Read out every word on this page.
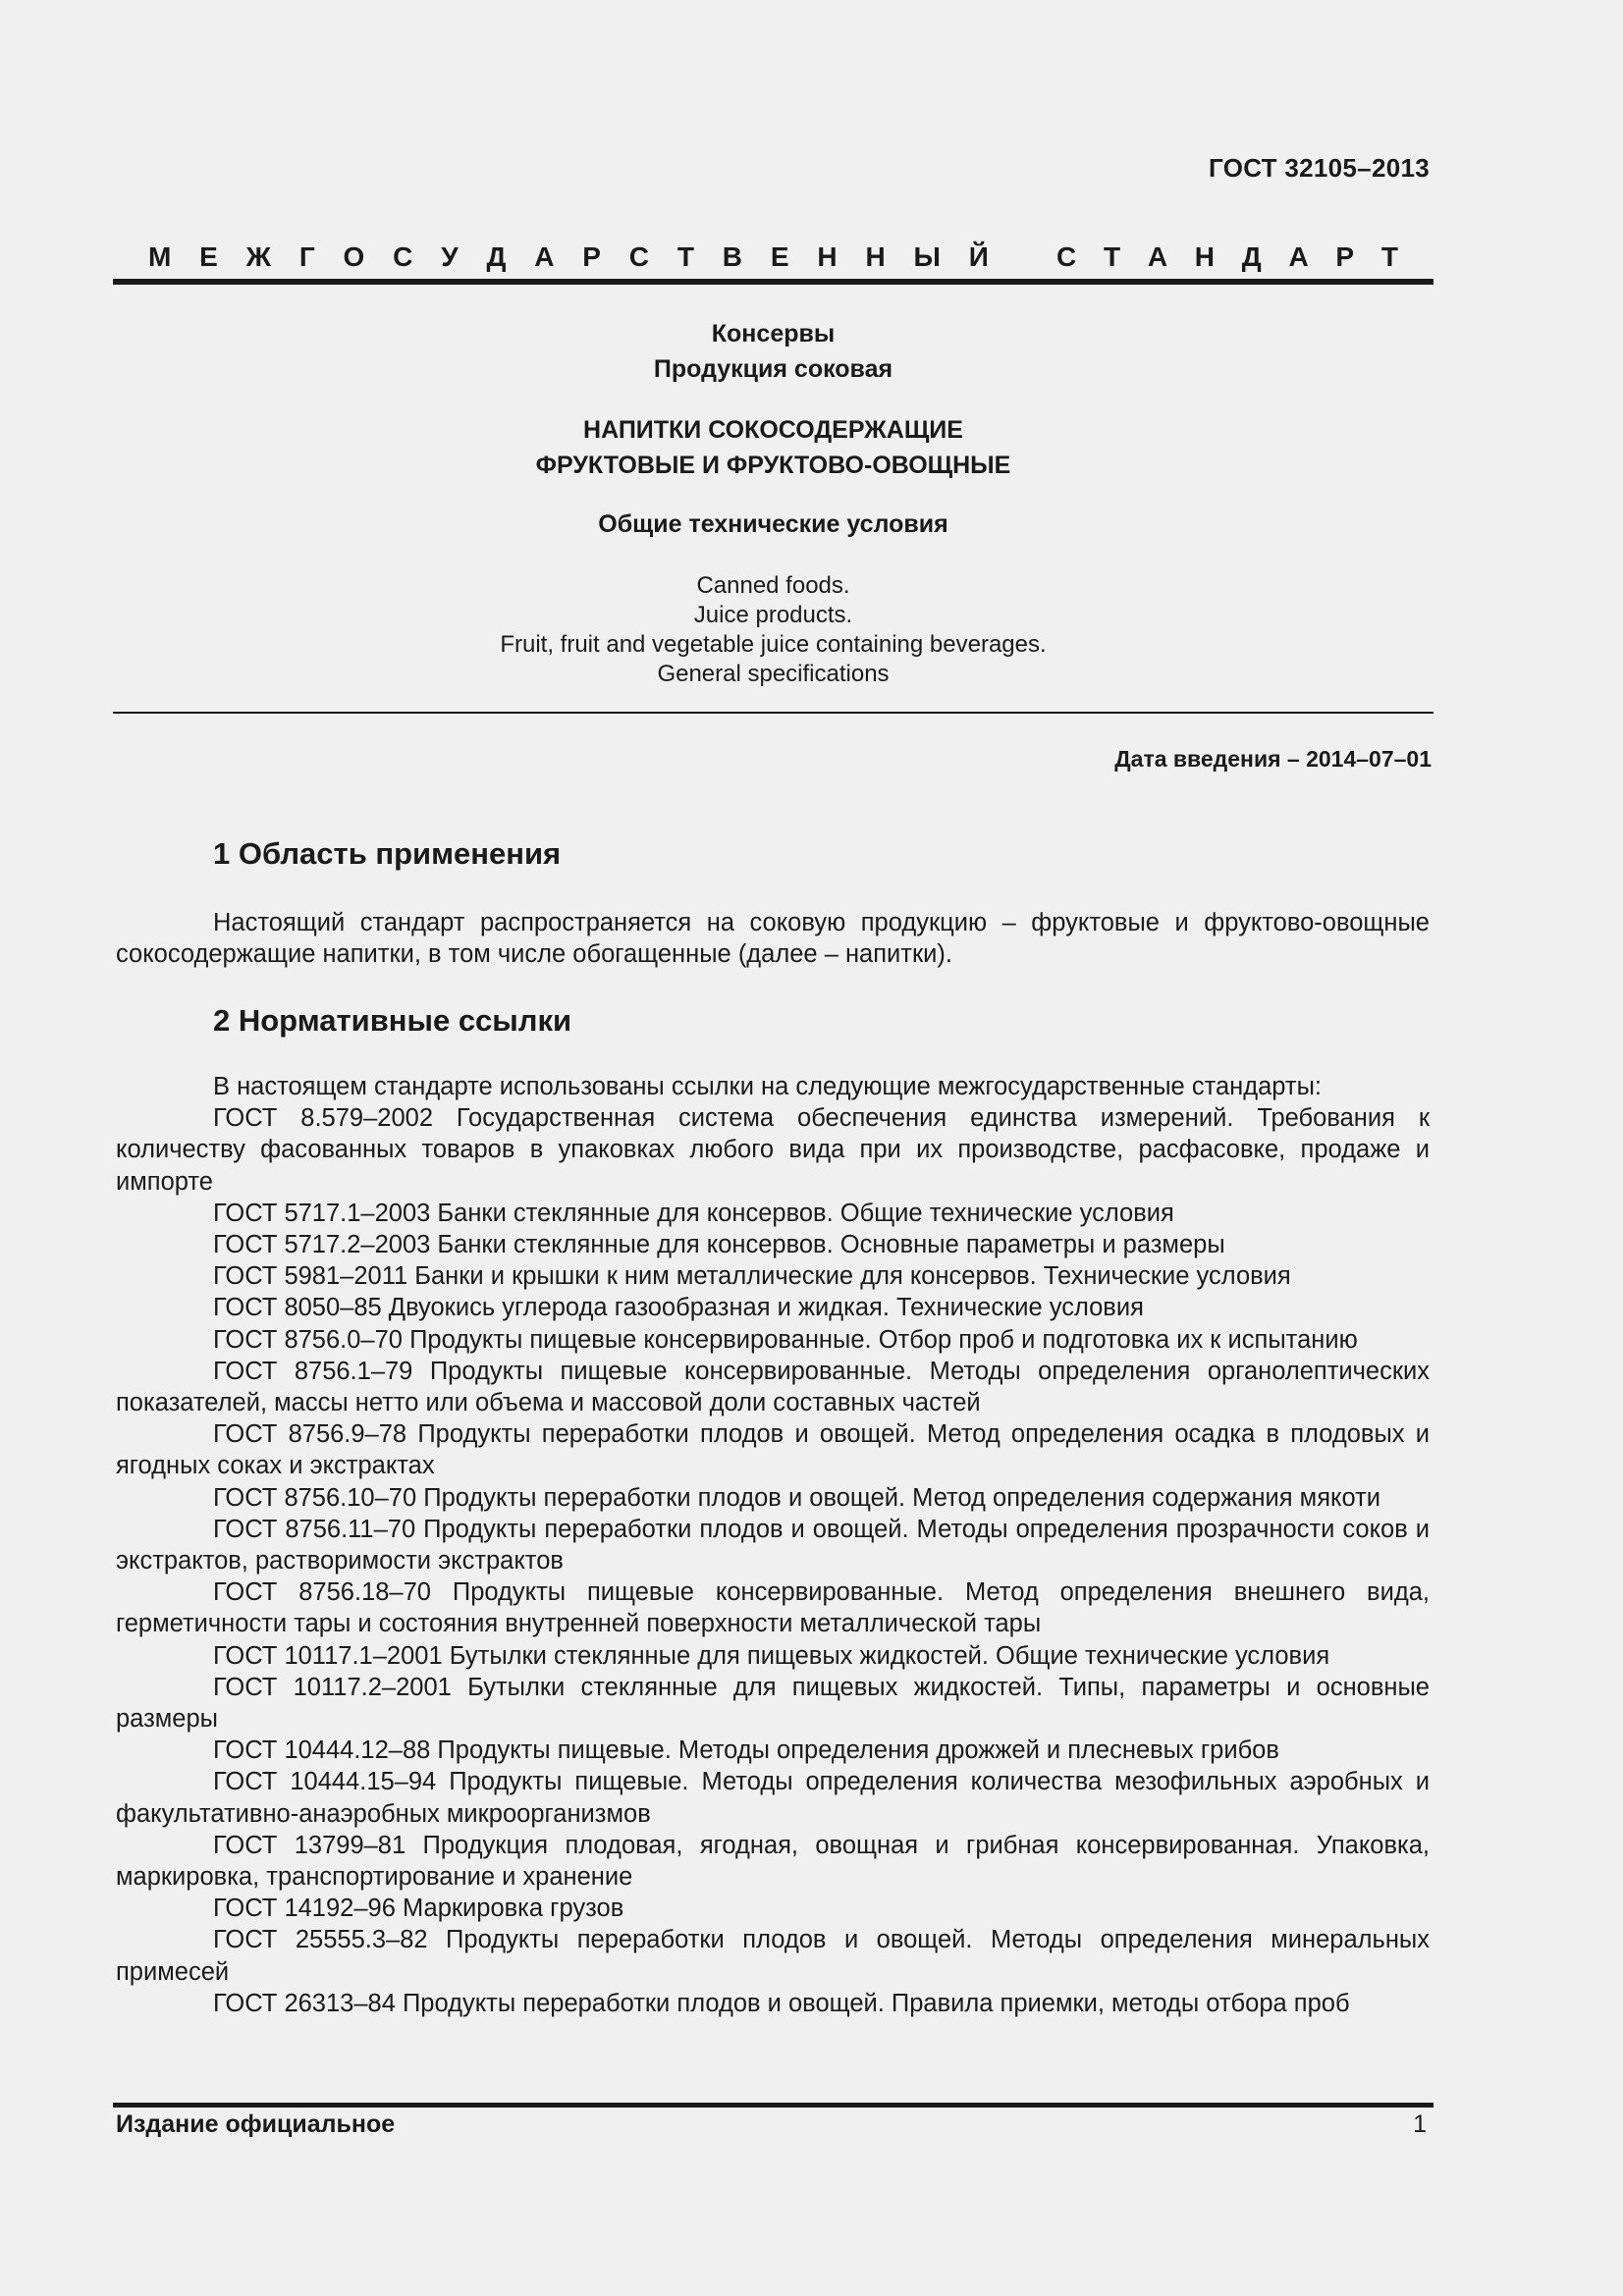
ГОСТ 32105–2013
М Е Ж Г О С У Д А Р С Т В Е Н Н Ы Й С Т А Н Д А Р Т
Консервы
Продукция соковая
НАПИТКИ СОКОСОДЕРЖАЩИЕ
ФРУКТОВЫЕ И ФРУКТОВО-ОВОЩНЫЕ
Общие технические условия
Canned foods.
Juice products.
Fruit, fruit and vegetable juice containing beverages.
General specifications
Дата введения – 2014–07–01
1 Область применения

Настоящий стандарт распространяется на соковую продукцию – фруктовые и фруктово-овощные сокосодержащие напитки, в том числе обогащенные (далее – напитки).

2 Нормативные ссылки

В настоящем стандарте использованы ссылки на следующие межгосударственные стандарты:

ГОСТ 8.579–2002 Государственная система обеспечения единства измерений. Требования к количеству фасованных товаров в упаковках любого вида при их производстве, расфасовке, продаже и импорте

ГОСТ 5717.1–2003 Банки стеклянные для консервов. Общие технические условия

ГОСТ 5717.2–2003 Банки стеклянные для консервов. Основные параметры и размеры

ГОСТ 5981–2011 Банки и крышки к ним металлические для консервов. Технические условия

ГОСТ 8050–85 Двуокись углерода газообразная и жидкая. Технические условия

ГОСТ 8756.0–70 Продукты пищевые консервированные. Отбор проб и подготовка их к испытанию

ГОСТ 8756.1–79 Продукты пищевые консервированные. Методы определения органолептических показателей, массы нетто или объема и массовой доли составных частей

ГОСТ 8756.9–78 Продукты переработки плодов и овощей. Метод определения осадка в плодовых и ягодных соках и экстрактах

ГОСТ 8756.10–70 Продукты переработки плодов и овощей. Метод определения содержания мякоти

ГОСТ 8756.11–70 Продукты переработки плодов и овощей. Методы определения прозрачности соков и экстрактов, растворимости экстрактов

ГОСТ 8756.18–70 Продукты пищевые консервированные. Метод определения внешнего вида, герметичности тары и состояния внутренней поверхности металлической тары

ГОСТ 10117.1–2001 Бутылки стеклянные для пищевых жидкостей. Общие технические условия

ГОСТ 10117.2–2001 Бутылки стеклянные для пищевых жидкостей. Типы, параметры и основные размеры

ГОСТ 10444.12–88 Продукты пищевые. Методы определения дрожжей и плесневых грибов

ГОСТ 10444.15–94 Продукты пищевые. Методы определения количества мезофильных аэробных и факультативно-анаэробных микроорганизмов

ГОСТ 13799–81 Продукция плодовая, ягодная, овощная и грибная консервированная. Упаковка, маркировка, транспортирование и хранение

ГОСТ 14192–96 Маркировка грузов

ГОСТ 25555.3–82 Продукты переработки плодов и овощей. Методы определения минеральных примесей

ГОСТ 26313–84 Продукты переработки плодов и овощей. Правила приемки, методы отбора проб

Издание официальное	1
